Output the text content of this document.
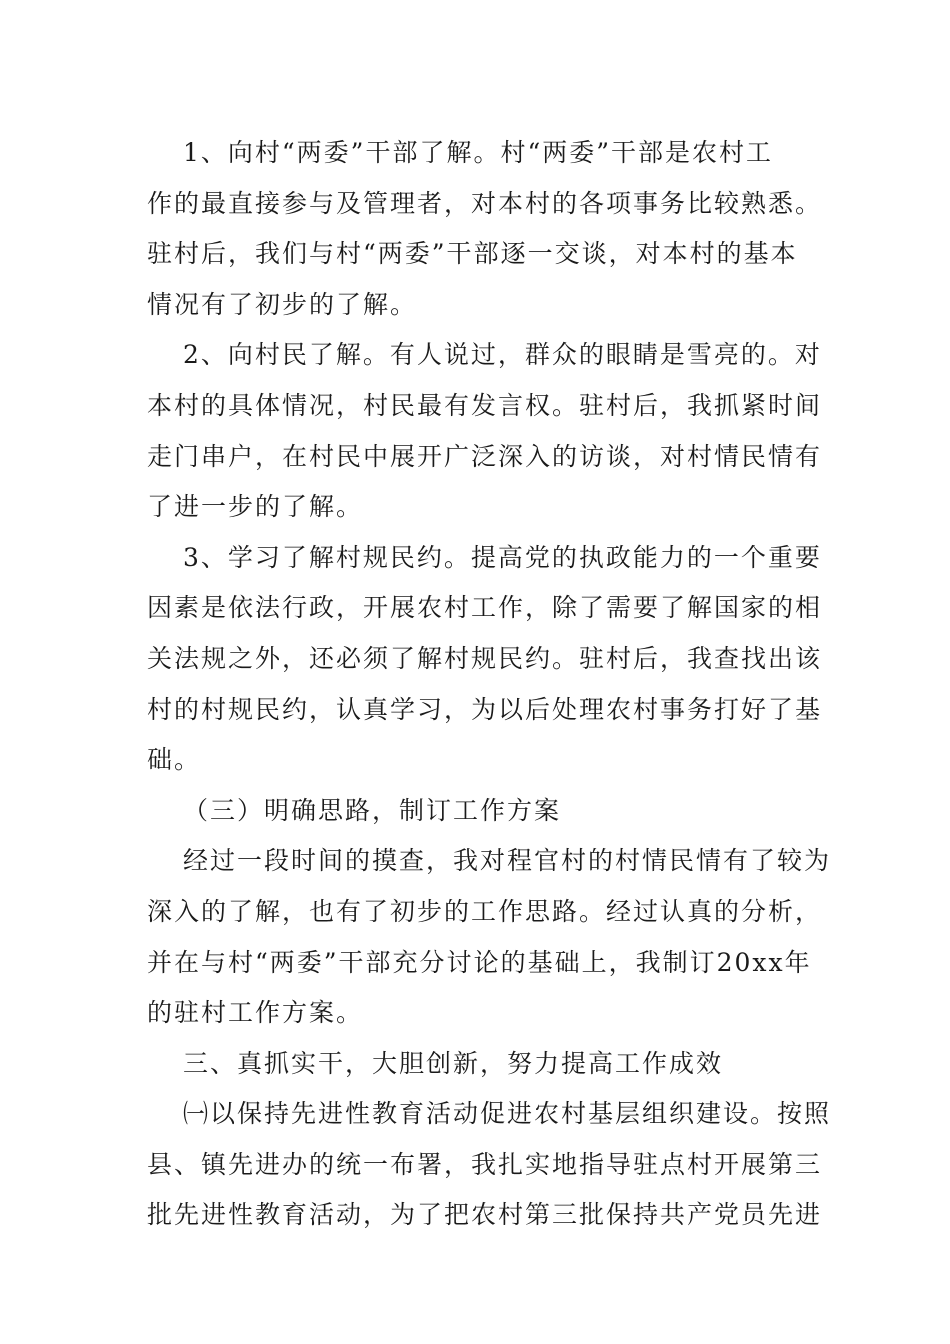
1、向村“两委”干部了解。村“两委”干部是农村工
作的最直接参与及管理者，对本村的各项事务比较熟悉。
驻村后，我们与村“两委”干部逐一交谈，对本村的基本
情况有了初步的了解。
2、向村民了解。有人说过，群众的眼睛是雪亮的。对
本村的具体情况，村民最有发言权。驻村后，我抓紧时间
走门串户，在村民中展开广泛深入的访谈，对村情民情有
了进一步的了解。
3、学习了解村规民约。提高党的执政能力的一个重要
因素是依法行政，开展农村工作，除了需要了解国家的相
关法规之外，还必须了解村规民约。驻村后，我查找出该
村的村规民约，认真学习，为以后处理农村事务打好了基
础。
（三）明确思路，制订工作方案
经过一段时间的摸查，我对程官村的村情民情有了较为
深入的了解，也有了初步的工作思路。经过认真的分析，
并在与村“两委”干部充分讨论的基础上，我制订20xx年
的驻村工作方案。
三、真抓实干，大胆创新，努力提高工作成效
㈠以保持先进性教育活动促进农村基层组织建设。按照
县、镇先进办的统一布署，我扎实地指导驻点村开展第三
批先进性教育活动，为了把农村第三批保持共产党员先进
